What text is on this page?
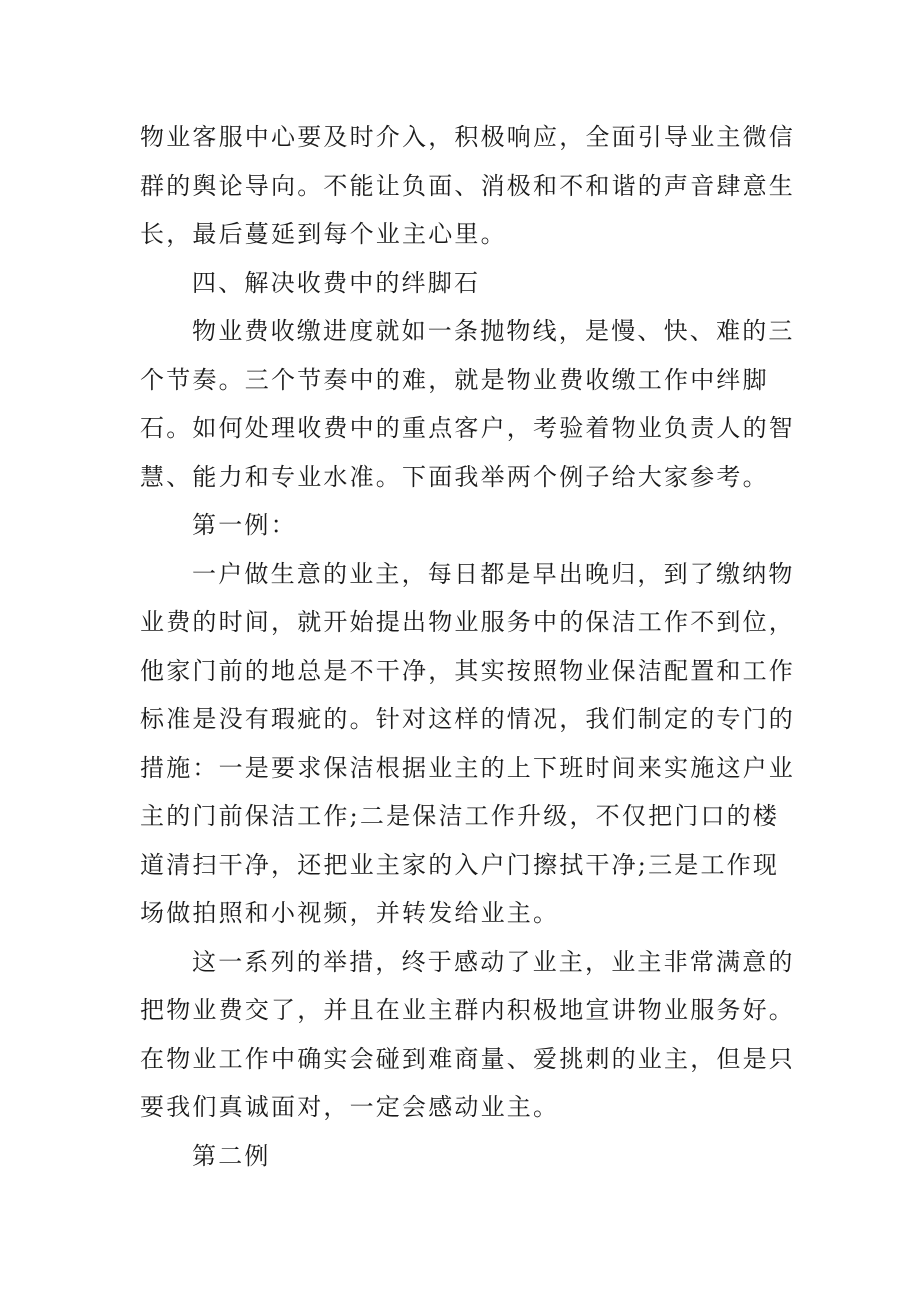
物业客服中心要及时介入，积极响应，全面引导业主微信群的舆论导向。不能让负面、消极和不和谐的声音肆意生长，最后蔓延到每个业主心里。

四、解决收费中的绊脚石

物业费收缴进度就如一条抛物线，是慢、快、难的三个节奏。三个节奏中的难，就是物业费收缴工作中绊脚石。如何处理收费中的重点客户，考验着物业负责人的智慧、能力和专业水准。下面我举两个例子给大家参考。

第一例：

一户做生意的业主，每日都是早出晚归，到了缴纳物业费的时间，就开始提出物业服务中的保洁工作不到位，他家门前的地总是不干净，其实按照物业保洁配置和工作标准是没有瑕疵的。针对这样的情况，我们制定的专门的措施：一是要求保洁根据业主的上下班时间来实施这户业主的门前保洁工作;二是保洁工作升级，不仅把门口的楼道清扫干净，还把业主家的入户门擦拭干净;三是工作现场做拍照和小视频，并转发给业主。

这一系列的举措，终于感动了业主，业主非常满意的把物业费交了，并且在业主群内积极地宣讲物业服务好。在物业工作中确实会碰到难商量、爱挑刺的业主，但是只要我们真诚面对，一定会感动业主。

第二例
